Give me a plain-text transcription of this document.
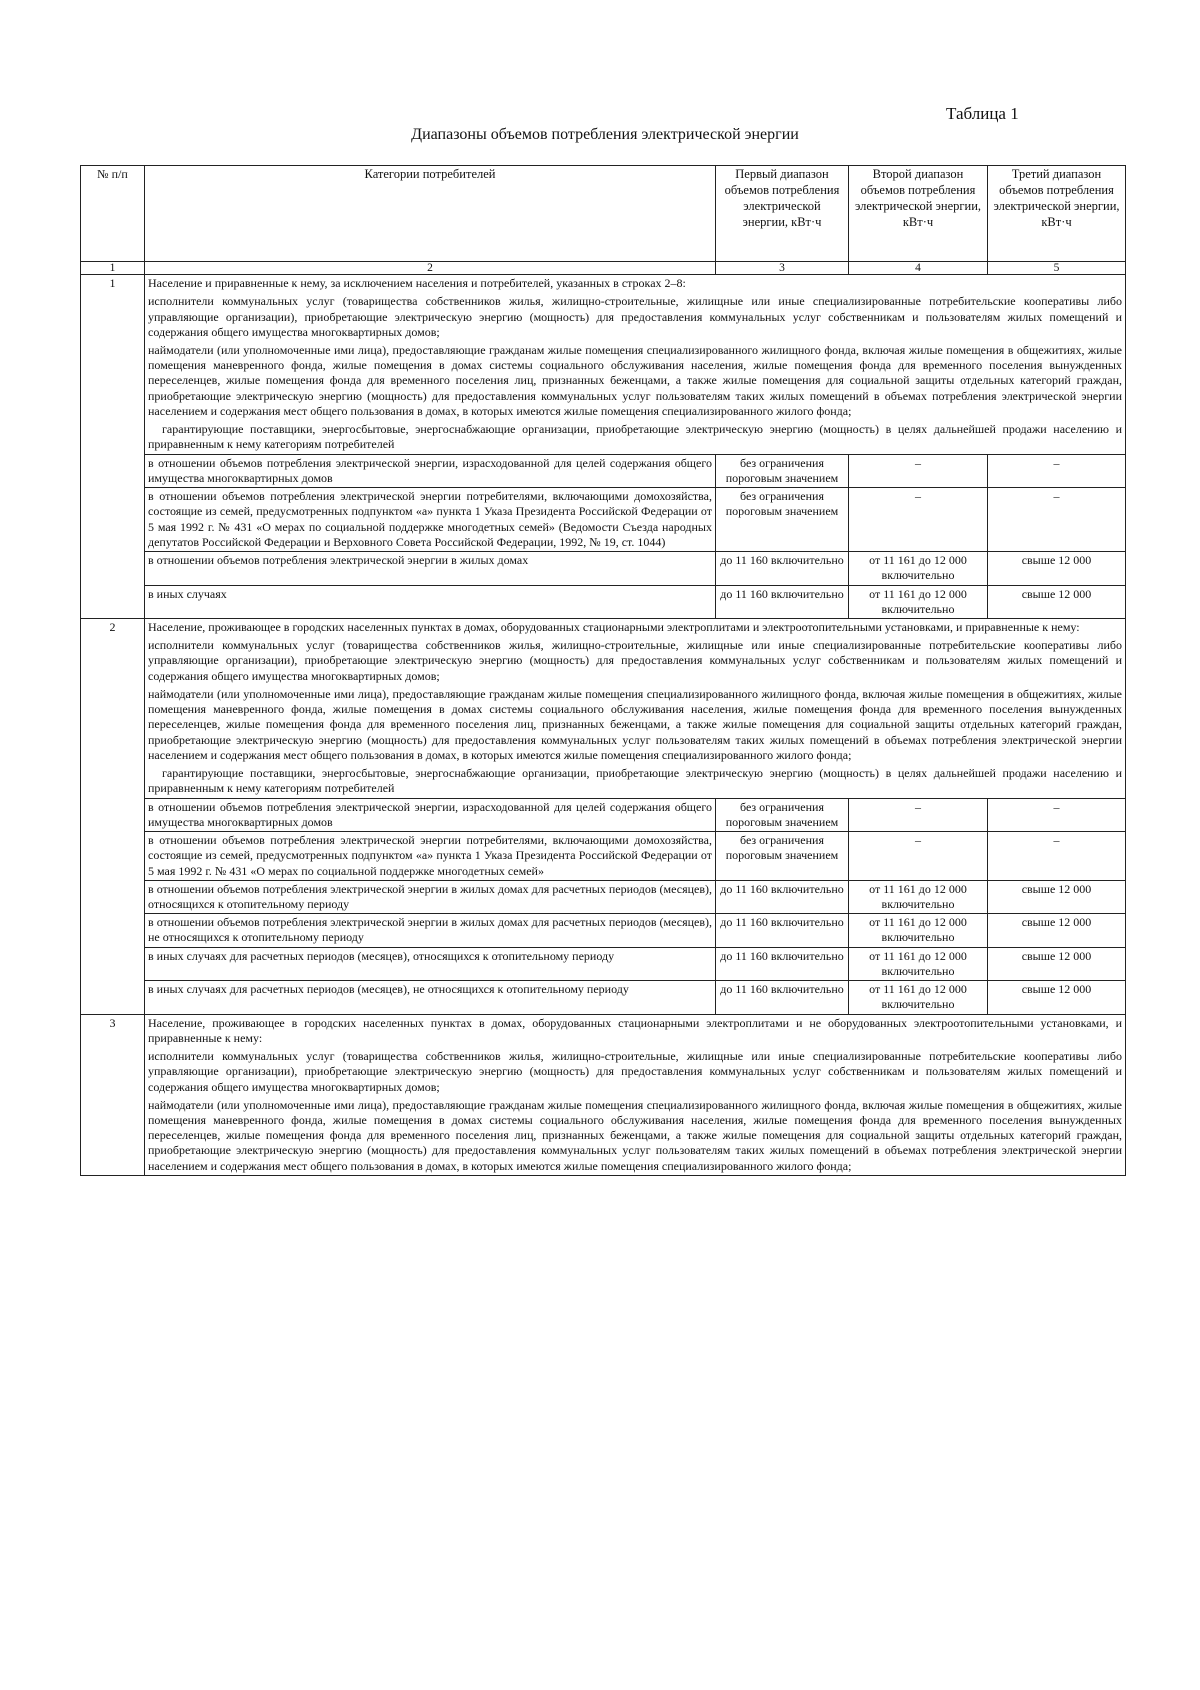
Таблица 1
Диапазоны объемов потребления электрической энергии
№ п/п	Категории потребителей	Первый диапазон объемов потребления электрической энергии, кВт·ч	Второй диапазон объемов потребления электрической энергии, кВт·ч	Третий диапазон объемов потребления электрической энергии, кВт·ч
1	2	3	4	5
1	Население и приравненные к нему, за исключением населения и потребителей, указанных в строках 2–8:
исполнители коммунальных услуг (товарищества собственников жилья, жилищно-строительные, жилищные или иные специализированные потребительские кооперативы либо управляющие организации), приобретающие электрическую энергию (мощность) для предоставления коммунальных услуг собственникам и пользователям жилых помещений и содержания общего имущества многоквартирных домов;
наймодатели (или уполномоченные ими лица), предоставляющие гражданам жилые помещения специализированного жилищного фонда, включая жилые помещения в общежитиях, жилые помещения маневренного фонда, жилые помещения в домах системы социального обслуживания населения, жилые помещения фонда для временного поселения вынужденных переселенцев, жилые помещения фонда для временного поселения лиц, признанных беженцами, а также жилые помещения для социальной защиты отдельных категорий граждан, приобретающие электрическую энергию (мощность) для предоставления коммунальных услуг пользователям таких жилых помещений в объемах потребления электрической энергии населением и содержания мест общего пользования в домах, в которых имеются жилые помещения специализированного жилого фонда;
гарантирующие поставщики, энергосбытовые, энергоснабжающие организации, приобретающие электрическую энергию (мощность) в целях дальнейшей продажи населению и приравненным к нему категориям потребителей			

	в отношении объемов потребления электрической энергии, израсходованной для целей содержания общего имущества многоквартирных домов	без ограничения пороговым значением	–	–
	в отношении объемов потребления электрической энергии потребителями, включающими домохозяйства, состоящие из семей, предусмотренных подпунктом «а» пункта 1 Указа Президента Российской Федерации от 5 мая 1992 г. № 431 «О мерах по социальной поддержке многодетных семей» (Ведомости Съезда народных депутатов Российской Федерации и Верховного Совета Российской Федерации, 1992, № 19, ст. 1044)	без ограничения пороговым значением	–	–
	в отношении объемов потребления электрической энергии в жилых домах	до 11 160 включительно	от 11 161 до 12 000 включительно	свыше 12 000
	в иных случаях	до 11 160 включительно	от 11 161 до 12 000 включительно	свыше 12 000
2	Население, проживающее в городских населенных пунктах в домах, оборудованных стационарными электроплитами и электроотопительными установками, и приравненные к нему:
исполнители коммунальных услуг (товарищества собственников жилья, жилищно-строительные, жилищные или иные специализированные потребительские кооперативы либо управляющие организации), приобретающие электрическую энергию (мощность) для предоставления коммунальных услуг собственникам и пользователям жилых помещений и содержания общего имущества многоквартирных домов;
наймодатели (или уполномоченные ими лица), предоставляющие гражданам жилые помещения специализированного жилищного фонда, включая жилые помещения в общежитиях, жилые помещения маневренного фонда, жилые помещения в домах системы социального обслуживания населения, жилые помещения фонда для временного поселения вынужденных переселенцев, жилые помещения фонда для временного поселения лиц, признанных беженцами, а также жилые помещения для социальной защиты отдельных категорий граждан, приобретающие электрическую энергию (мощность) для предоставления коммунальных услуг пользователям таких жилых помещений в объемах потребления электрической энергии населением и содержания мест общего пользования в домах, в которых имеются жилые помещения специализированного жилого фонда;
гарантирующие поставщики, энергосбытовые, энергоснабжающие организации, приобретающие электрическую энергию (мощность) в целях дальнейшей продажи населению и приравненным к нему категориям потребителей			

	в отношении объемов потребления электрической энергии, израсходованной для целей содержания общего имущества многоквартирных домов	без ограничения пороговым значением	–	–
	в отношении объемов потребления электрической энергии потребителями, включающими домохозяйства, состоящие из семей, предусмотренных подпунктом «а» пункта 1 Указа Президента Российской Федерации от 5 мая 1992 г. № 431 «О мерах по социальной поддержке многодетных семей»	без ограничения пороговым значением	–	–
	в отношении объемов потребления электрической энергии в жилых домах для расчетных периодов (месяцев), относящихся к отопительному периоду	до 11 160 включительно	от 11 161 до 12 000 включительно	свыше 12 000
	в отношении объемов потребления электрической энергии в жилых домах для расчетных периодов (месяцев), не относящихся к отопительному периоду	до 11 160 включительно	от 11 161 до 12 000 включительно	свыше 12 000
	в иных случаях для расчетных периодов (месяцев), относящихся к отопительному периоду	до 11 160 включительно	от 11 161 до 12 000 включительно	свыше 12 000
	в иных случаях для расчетных периодов (месяцев), не относящихся к отопительному периоду	до 11 160 включительно	от 11 161 до 12 000 включительно	свыше 12 000
3	Население, проживающее в городских населенных пунктах в домах, оборудованных стационарными электроплитами и не оборудованных электроотопительными установками, и приравненные к нему:
исполнители коммунальных услуг (товарищества собственников жилья, жилищно-строительные, жилищные или иные специализированные потребительские кооперативы либо управляющие организации), приобретающие электрическую энергию (мощность) для предоставления коммунальных услуг собственникам и пользователям жилых помещений и содержания общего имущества многоквартирных домов;
наймодатели (или уполномоченные ими лица), предоставляющие гражданам жилые помещения специализированного жилищного фонда, включая жилые помещения в общежитиях, жилые помещения маневренного фонда, жилые помещения в домах системы социального обслуживания населения, жилые помещения фонда для временного поселения вынужденных переселенцев, жилые помещения фонда для временного поселения лиц, признанных беженцами, а также жилые помещения для социальной защиты отдельных категорий граждан, приобретающие электрическую энергию (мощность) для предоставления коммунальных услуг пользователям таких жилых помещений в объемах потребления электрической энергии населением и содержания мест общего пользования в домах, в которых имеются жилые помещения специализированного жилого фонда;			
